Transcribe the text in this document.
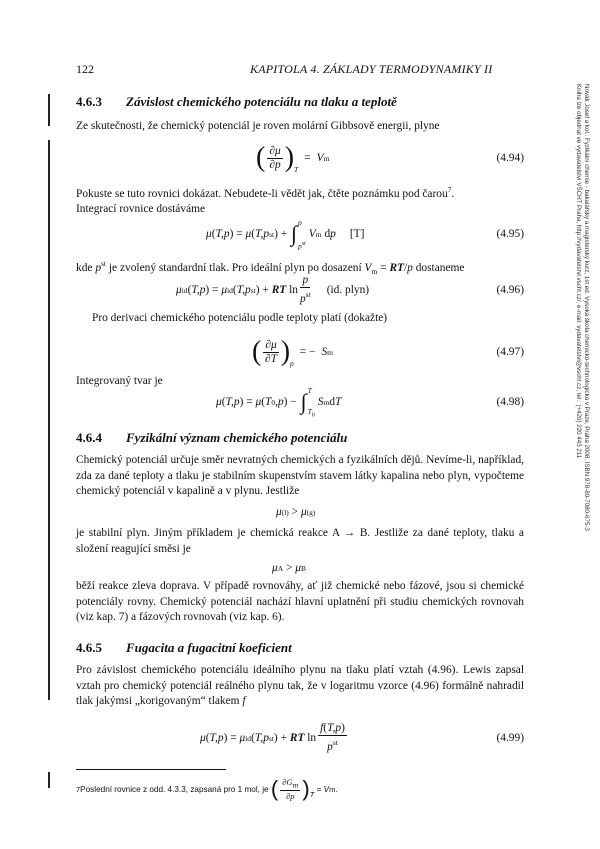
122	KAPITOLA 4. ZÁKLADY TERMODYNAMIKY II
Novák Josef a kol.: Fyzikální chemie - bakalářský a magisterský kurz, 1st ed. Vysoká škola chemicko-technologická v Praze, Praha 2008, ISBN 978-80-7080-675-3
Kniha lze objednat ve vydavatelství VŠCHT Praha, http://vydavatelstvi.vscht.cz/, e-mail: vydavatelstvi@vscht.cz, tel.: (+420) 220 443 211
4.6.3 Závislost chemického potenciálu na tlaku a teplotě
Ze skutečnosti, že chemický potenciál je roven molární Gibbsově energii, plyne
( $\frac{\partial\mu}{\partial p} )_T$
= V m	(4.94)
Pokuste se tuto rovnici dokázat. Nebudete-li vědět jak, čtěte poznámku pod čarou$^7$.
Integrací rovnice dostáváme
μ ( T,p ) = μ ( T,p st ) + ∫ p
$p^{st}$
V m d p [T]	(4.95)
kde $p^{st}$ je zvolený standardní tlak. Pro ideální plyn po dosazení $V_m = RT/p$ dostaneme
μ id ( T,p ) = μ id ( T,p st ) + RT $\ln \frac{p}{p^{st}} (id$. plyn)	(4.96)
Pro derivaci chemického potenciálu podle teploty platí (dokažte)
( $\frac{\partial\mu}{\partial T} )_p$
= − S m	(4.97)
Integrovaný tvar je
μ ( T,p ) = μ ( T 0 ,p ) − ∫ T
$T_0$
S m d T	(4.98)
4.6.4 Fyzikální význam chemického potenciálu
Chemický potenciál určuje směr nevratných chemických a fyzikálních dějů. Nevíme-li, například, zda za dané teploty a tlaku je stabilním skupenstvím stavem látky kapalina nebo plyn, vypočteme chemický potenciál v kapalině a v plynu. Jestliže
μ (l) > μ (g)
je stabilní plyn. Jiným příkladem je chemická reakce A → B. Jestliže za dané teploty, tlaku a složení reagující směsi je
μ A > μ B
běží reakce zleva doprava. V případě rovnováhy, ať již chemické nebo fázové, jsou si chemické potenciály rovny. Chemický potenciál nachází hlavní uplatnění při studiu chemických rovnovah (viz kap. 7) a fázových rovnovah (viz kap. 6).
4.6.5 Fugacita a fugacitní koeficient
Pro závislost chemického potenciálu ideálního plynu na tlaku platí vztah (4.96). Lewis zapsal vztah pro chemický potenciál reálného plynu tak, že v logaritmu vzorce (4.96) formálně nahradil tlak jakýmsi „korigovaným“ tlakem f
μ ( T,p ) = μ id ( T,p st ) + RT $\ln \frac{f(T,p)}{p^{st}}$	(4.99)
7 Poslední rovnice z odd. 4.3.3, zapsaná pro 1 mol, je
( $\frac{\partial G_m}{\partial p}$ ) T
= V m .
